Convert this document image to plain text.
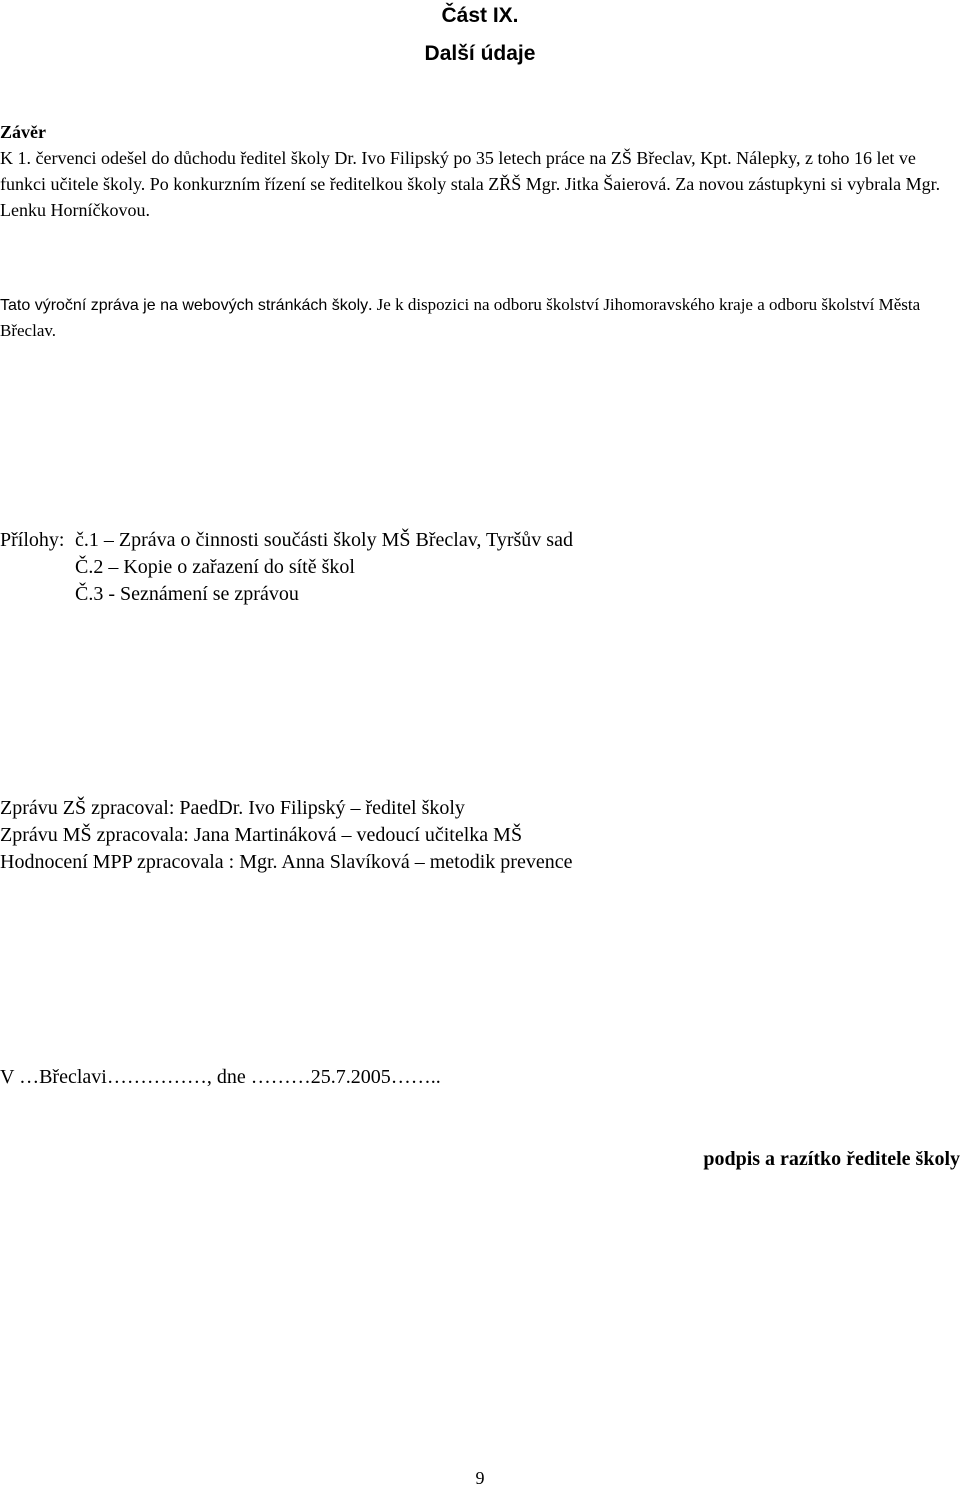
Část IX.
Další údaje
Závěr
K 1. červenci odešel do důchodu ředitel školy Dr. Ivo Filipský po 35 letech práce na ZŠ Břeclav, Kpt. Nálepky, z toho 16 let ve funkci učitele školy. Po konkurzním řízení se ředitelkou školy stala ZŘŠ Mgr. Jitka Šaierová. Za novou zástupkyni si vybrala Mgr. Lenku Horníčkovou.
Tato výroční zpráva je na webových stránkách školy. Je k dispozici na odboru školství Jihomoravského kraje a odboru školství Města Břeclav.
Přílohy: č.1 – Zpráva o činnosti součásti školy MŠ Břeclav, Tyršův sad
Č.2 – Kopie o zařazení do sítě škol
Č.3 - Seznámení se zprávou
Zprávu ZŠ zpracoval: PaedDr. Ivo Filipský – ředitel školy
Zprávu MŠ zpracovala: Jana Martináková – vedoucí učitelka MŠ
Hodnocení MPP zpracovala : Mgr. Anna Slavíková – metodik prevence
V …Břeclavi……………, dne ………25.7.2005……..
podpis a razítko ředitele školy
9
